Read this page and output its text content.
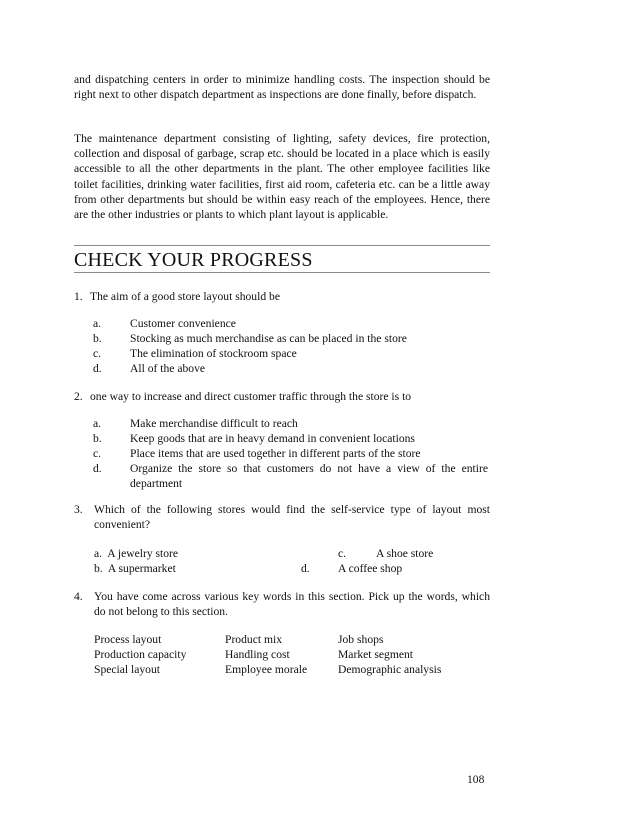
and dispatching centers in order to minimize handling costs. The inspection should be right next to other dispatch department as inspections are done finally, before dispatch.

The maintenance department consisting of lighting, safety devices, fire protection, collection and disposal of garbage, scrap etc. should be located in a place which is easily accessible to all the other departments in the plant. The other employee facilities like toilet facilities, drinking water facilities, first aid room, cafeteria etc. can be a little away from other departments but should be within easy reach of the employees. Hence, there are the other industries or plants to which plant layout is applicable.

CHECK YOUR PROGRESS
1. The aim of a good store layout should be
a. Customer convenience
b. Stocking as much merchandise as can be placed in the store
c. The elimination of stockroom space
d. All of the above
2. one way to increase and direct customer traffic through the store is to
a. Make merchandise difficult to reach
b. Keep goods that are in heavy demand in convenient locations
c. Place items that are used together in different parts of the store
d. Organize the store so that customers do not have a view of the entire department
3. Which of the following stores would find the self-service type of layout most convenient?
a. A jewelry store
b. A supermarket
c.	A shoe store
d. A coffee shop
4. You have come across various key words in this section. Pick up the words, which do not belong to this section.
Process layout	Product mix	Job shops
Production capacity	Handling cost	Market segment
Special layout	Employee morale	Demographic analysis
108
